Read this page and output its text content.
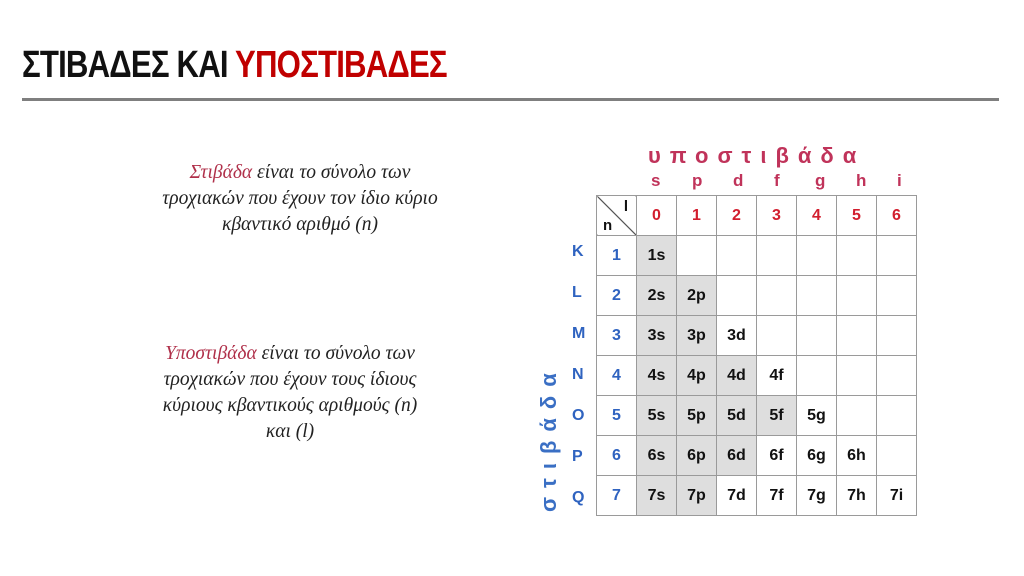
ΣΤΙΒΑΔΕΣ ΚΑΙ ΥΠΟΣΤΙΒΑΔΕΣ
Στιβάδα είναι το σύνολο των τροχιακών που έχουν τον ίδιο κύριο κβαντικό αριθμό (n)
Υποστιβάδα είναι το σύνολο των τροχιακών που έχουν τους ίδιους κύριους κβαντικούς αριθμούς (n) και (l)
υποστιβάδα
s p d f g h i
στιβάδα
K
L
M
N
O
P
Q
l
n	0	1	2	3	4	5	6
1	1s						
2	2s	2p					
3	3s	3p	3d				
4	4s	4p	4d	4f			
5	5s	5p	5d	5f	5g		
6	6s	6p	6d	6f	6g	6h	
7	7s	7p	7d	7f	7g	7h	7i
